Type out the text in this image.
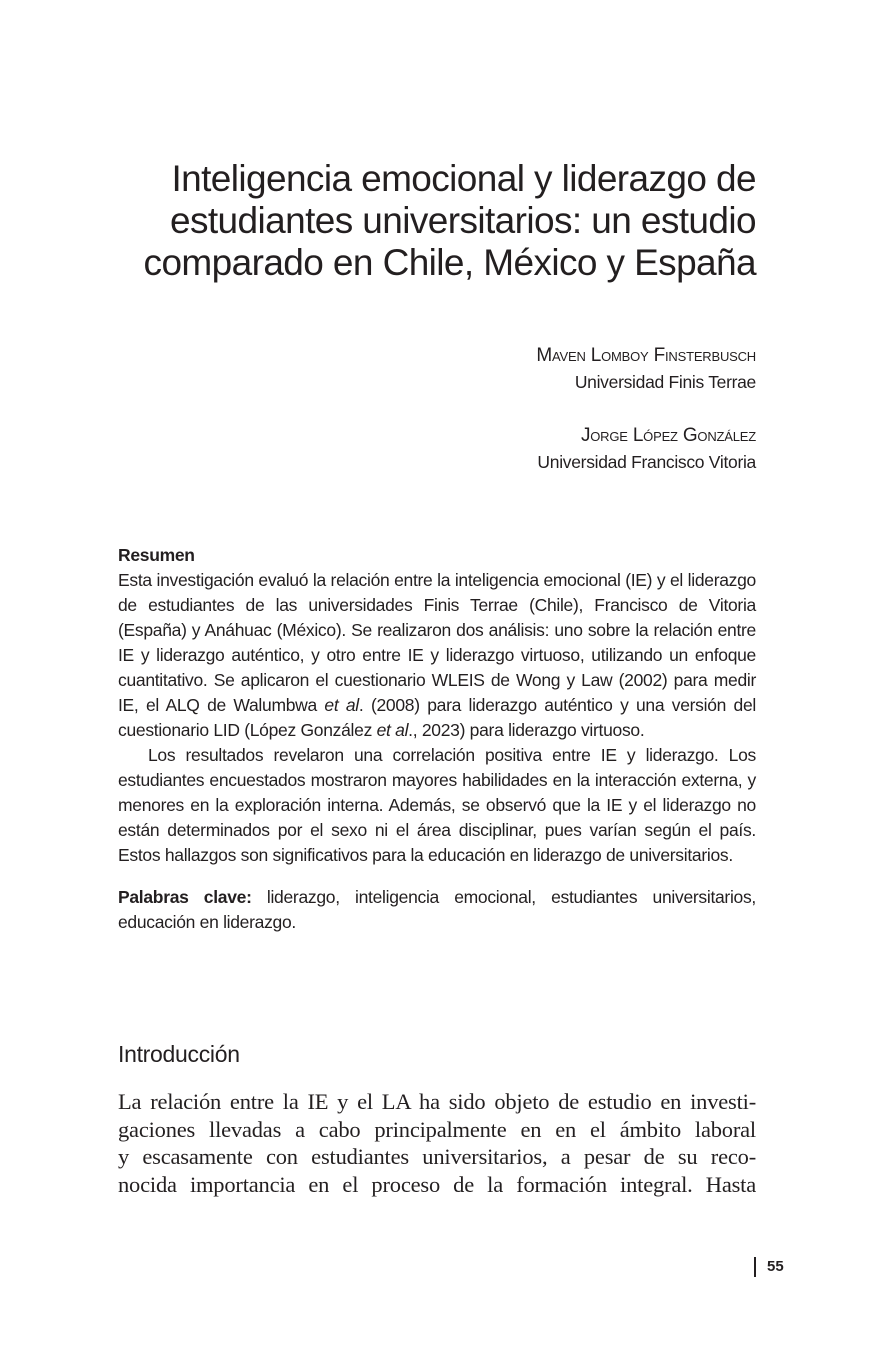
Inteligencia emocional y liderazgo de
estudiantes universitarios: un estudio
comparado en Chile, México y España
Maven Lomboy Finsterbusch
Universidad Finis Terrae
Jorge López González
Universidad Francisco Vitoria
Resumen

Esta investigación evaluó la relación entre la inteligencia emocional (IE) y el liderazgo de estudiantes de las universidades Finis Terrae (Chile), Francisco de Vitoria (España) y Anáhuac (México). Se realizaron dos análisis: uno sobre la relación entre IE y liderazgo auténtico, y otro entre IE y liderazgo virtuoso, utilizando un enfoque cuantitativo. Se aplicaron el cuestionario WLEIS de Wong y Law (2002) para medir IE, el ALQ de Walumbwa et al. (2008) para liderazgo auténtico y una versión del cuestionario LID (López González et al., 2023) para liderazgo virtuoso.

Los resultados revelaron una correlación positiva entre IE y liderazgo. Los estudiantes encuestados mostraron mayores habilidades en la interacción externa, y menores en la exploración interna. Además, se observó que la IE y el liderazgo no están determinados por el sexo ni el área disciplinar, pues varían según el país. Estos hallazgos son significativos para la educación en liderazgo de universitarios.

Palabras clave: liderazgo, inteligencia emocional, estudiantes universitarios, educación en liderazgo.

Introducción
La relación entre la IE y el LA ha sido objeto de estudio en investi-
gaciones llevadas a cabo principalmente en en el ámbito laboral
y escasamente con estudiantes universitarios, a pesar de su reco-
nocida importancia en el proceso de la formación integral. Hasta
55
